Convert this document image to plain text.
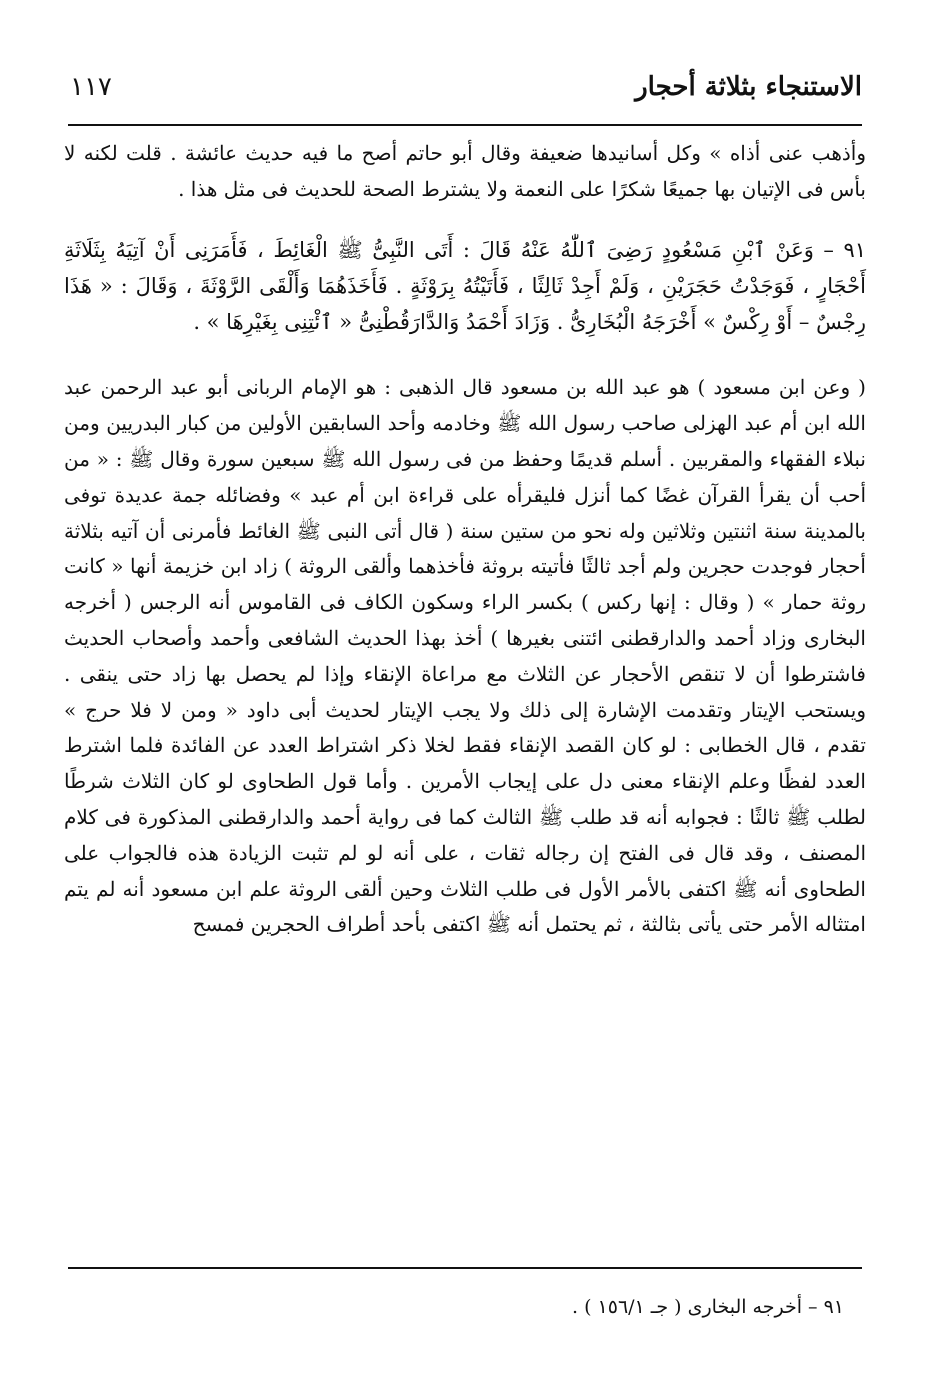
الاستنجاء بثلاثة أحجار
١١٧

وأذهب عنى أذاه » وكل أسانيدها ضعيفة وقال أبو حاتم أصح ما فيه حديث عائشة . قلت لكنه لا بأس فى الإتيان بها جميعًا شكرًا على النعمة ولا يشترط الصحة للحديث فى مثل هذا .

٩١ – وَعَنْ ٱبْنِ مَسْعُودٍ رَضِىَ ٱللّٰهُ عَنْهُ قَالَ : أَتَى النَّبِىُّ ﷺ الْغَائِطَ ، فَأَمَرَنِى أَنْ آتِيَهُ بِثَلَاثَةِ أَحْجَارٍ ، فَوَجَدْتُ حَجَرَيْنِ ، وَلَمْ أَجِدْ ثَالِثًا ، فَأَتَيْتُهُ بِرَوْثَةٍ . فَأَخَذَهُمَا وَأَلْقَى الرَّوْثَةَ ، وَقَالَ : « هَذَا رِجْسٌ – أَوْ رِكْسٌ » أَخْرَجَهُ الْبُخَارِىُّ . وَزَادَ أَحْمَدُ وَالدَّارَقُطْنِىُّ « ٱئْتِنِى بِغَيْرِهَا » .

( وعن ابن مسعود ) هو عبد الله بن مسعود قال الذهبى : هو الإمام الربانى أبو عبد الرحمن عبد الله ابن أم عبد الهزلى صاحب رسول الله ﷺ وخادمه وأحد السابقين الأولين من كبار البدريين ومن نبلاء الفقهاء والمقربين . أسلم قديمًا وحفظ من فى رسول الله ﷺ سبعين سورة وقال ﷺ : « من أحب أن يقرأ القرآن غضًا كما أنزل فليقرأه على قراءة ابن أم عبد » وفضائله جمة عديدة توفى بالمدينة سنة اثنتين وثلاثين وله نحو من ستين سنة ( قال أتى النبى ﷺ الغائط فأمرنى أن آتيه بثلاثة أحجار فوجدت حجرين ولم أجد ثالثًا فأتيته بروثة فأخذهما وألقى الروثة ) زاد ابن خزيمة أنها « كانت روثة حمار » ( وقال : إنها ركس ) بكسر الراء وسكون الكاف فى القاموس أنه الرجس ( أخرجه البخارى وزاد أحمد والدارقطنى ائتنى بغيرها ) أخذ بهذا الحديث الشافعى وأحمد وأصحاب الحديث فاشترطوا أن لا تنقص الأحجار عن الثلاث مع مراعاة الإنقاء وإذا لم يحصل بها زاد حتى ينقى . ويستحب الإيتار وتقدمت الإشارة إلى ذلك ولا يجب الإيتار لحديث أبى داود « ومن لا فلا حرج » تقدم ، قال الخطابى : لو كان القصد الإنقاء فقط لخلا ذكر اشتراط العدد عن الفائدة فلما اشترط العدد لفظًا وعلم الإنقاء معنى دل على إيجاب الأمرين . وأما قول الطحاوى لو كان الثلاث شرطًا لطلب ﷺ ثالثًا : فجوابه أنه قد طلب ﷺ الثالث كما فى رواية أحمد والدارقطنى المذكورة فى كلام المصنف ، وقد قال فى الفتح إن رجاله ثقات ، على أنه لو لم تثبت الزيادة هذه فالجواب على الطحاوى أنه ﷺ اكتفى بالأمر الأول فى طلب الثلاث وحين ألقى الروثة علم ابن مسعود أنه لم يتم امتثاله الأمر حتى يأتى بثالثة ، ثم يحتمل أنه ﷺ اكتفى بأحد أطراف الحجرين فمسح

٩١ – أخرجه البخارى ( جـ ١٥٦/١ ) .
